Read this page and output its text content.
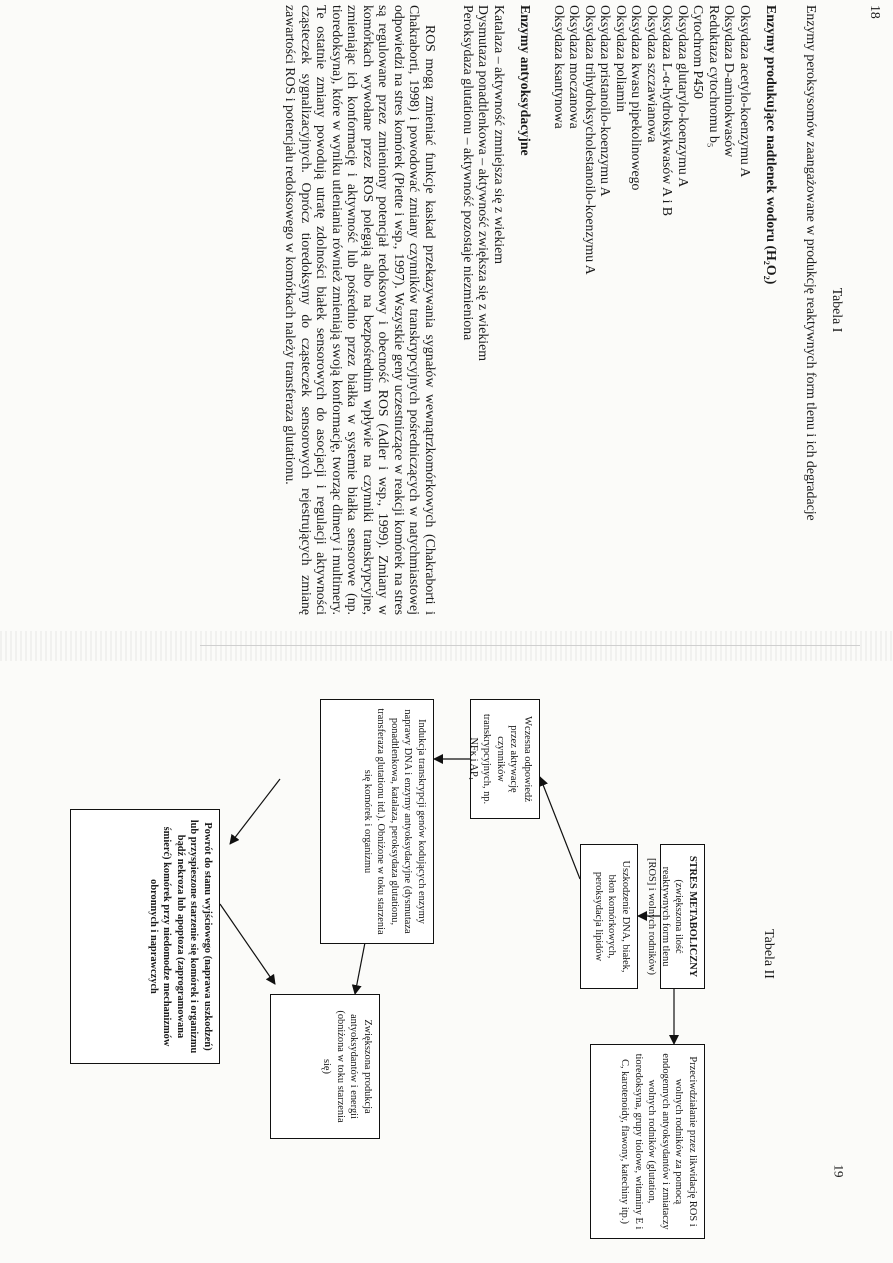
19
18
Tabela I
Enzymy peroksysomów zaangażowane w produkcję reaktywnych form tlenu i ich degradacje
Enzymy produkujące nadtlenek wodoru (H₂O₂)
Oksydaza acetylo-koenzymu A
Oksydaza D-aminokwasów
Reduktaza cytochromu b₅
Cytochrom P450
Oksydaza glutarylo-koenzymu A
Oksydaza L-α-hydroksykwasów A i B
Oksydaza szczawianowa
Oksydaza kwasu pipekolinowego
Oksydaza poliamin
Oksydaza pristanoilo-koenzymu A
Oksydaza trihydroksycholestanoilo-koenzymu A
Oksydaza moczanowa
Oksydaza ksantynowa
Enzymy antyoksydacyjne
Katalaza – aktywność zmniejsza się z wiekiem
Dysmutaza ponadtlenkowa – aktywność zwiększa się z wiekiem
Peroksydaza glutationu – aktywność pozostaje niezmieniona
ROS mogą zmieniać funkcje kaskad przekazywania sygnałów wewnątrzkomórkowych (Chakraborti i Chakraborti, 1998) i powodować zmiany czynników transkrypcyjnych pośredniczących w natychmiastowej odpowiedzi na stres komórek (Piette i wsp., 1997). Wszystkie geny uczestniczące w reakcji komórek na stres są regulowane przez zmieniony potencjał redoksowy i obecność ROS (Adler i wsp., 1999). Zmiany w komórkach wywołane przez ROS polegają albo na bezpośrednim wpływie na czynniki transkrypcyjne, zmieniając ich konformację i aktywność lub pośrednio przez białka w systemie białka sensorowe (np. tioredoksyna), które w wyniku utleniania również zmieniają swoją konformację, tworząc dimery i multimery. Te ostatnie zmiany powodują utratę zdolności białek sensorowych do asocjacji i regulacji aktywności cząsteczek sygnalizacyjnych. Oprócz tioredoksyny do cząsteczek sensorowych rejestrujących zmianę zawartości ROS i potencjału redoksowego w komórkach należy transferaza glutationu.
Tabela II
STRES METABOLICZNY
(zwiększona ilość reaktywnych form tlenu [ROS] i wolnych rodników)
Uszkodzenie DNA, białek, błon komórkowych, peroksydacja lipidów
Przeciwdziałanie przez likwidację ROS i wolnych rodników za pomocą endogennych antyoksydantów i zmiataczy wolnych rodników (glutation, tioredoksyna, grupy tiolowe, witaminy E i C, karotenoidy, flawony, katechiny itp.)
Wczesna odpowiedź przez aktywację czynników transkrypcyjnych, np. NFκ i AP₁
Indukcja transkrypcji genów kodujących enzymy naprawy DNA i enzymy antyoksydacyjne (dysmutaza ponadtlenkowa, katalaza, peroksydaza glutationu, transferaza glutationu itd.). Obniżone w toku starzenia się komórek i organizmu
Zwiększona produkcja antyoksydantów i energii (obniżona w toku starzenia się)
Powrót do stanu wyjściowego (naprawa uszkodzeń) lub przyspieszone starzenie się komórek i organizmu bądź nekroza lub apoptoza (zaprogramowana śmierć) komórek przy niedomodze mechanizmów obronnych i naprawczych
